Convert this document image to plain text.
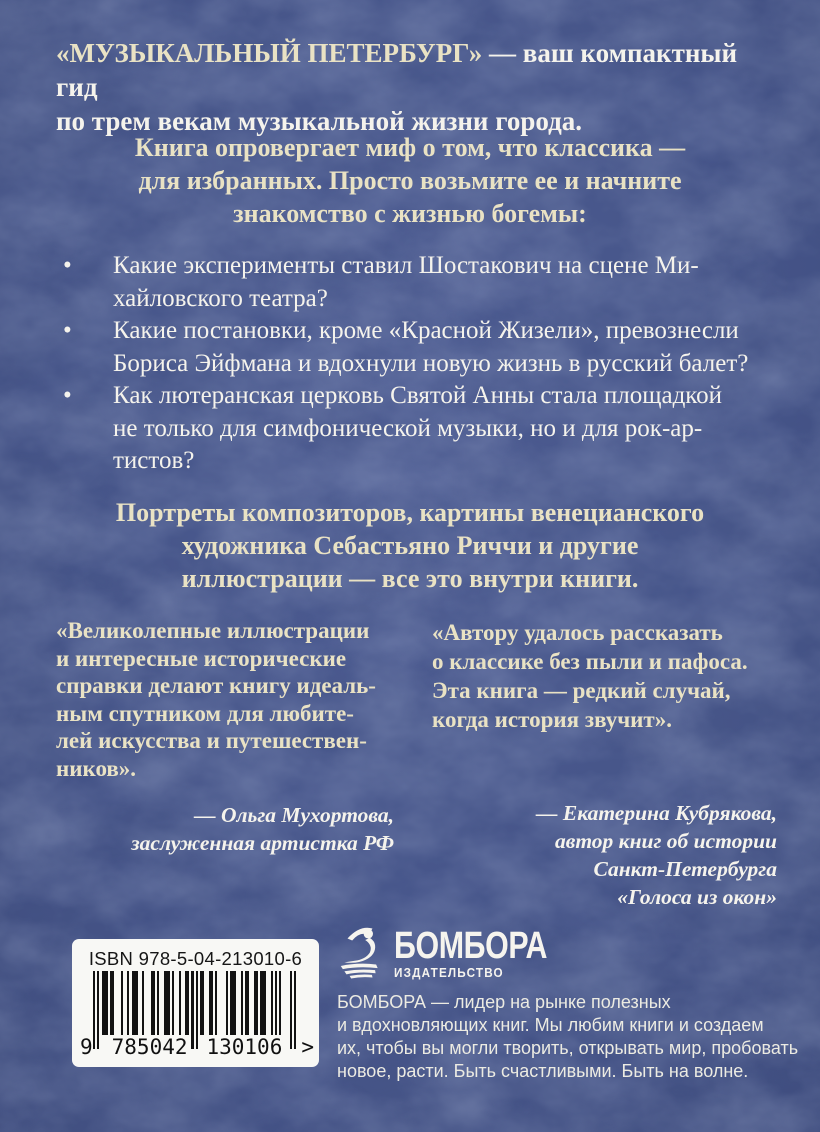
«МУЗЫКАЛЬНЫЙ ПЕТЕРБУРГ» — ваш компактный гид
по трем векам музыкальной жизни города.
Книга опровергает миф о том, что классика —
для избранных. Просто возьмите ее и начните
знакомство с жизнью богемы:
•	Какие эксперименты ставил Шостакович на сцене Ми-
хайловского театра?
•	Какие постановки, кроме «Красной Жизели», превознесли
Бориса Эйфмана и вдохнули новую жизнь в русский балет?
•	Как лютеранская церковь Святой Анны стала площадкой
не только для симфонической музыки, но и для рок-ар-
тистов?
Портреты композиторов, картины венецианского
художника Себастьяно Риччи и другие
иллюстрации — все это внутри книги.
«Великолепные иллюстрации
и интересные исторические
справки делают книгу идеаль-
ным спутником для любите-
лей искусства и путешествен-
ников».
«Автору удалось рассказать
о классике без пыли и пафоса.
Эта книга — редкий случай,
когда история звучит».
— Ольга Мухортова,
заслуженная артистка РФ
— Екатерина Кубрякова,
автор книг об истории
Санкт-Петербурга
«Голоса из окон»
ISBN 978-5-04-213010-6
9 785042 130106 >
БОМБОРА
ИЗДАТЕЛЬСТВО
БОМБОРА — лидер на рынке полезных
и вдохновляющих книг. Мы любим книги и создаем
их, чтобы вы могли творить, открывать мир, пробовать
новое, расти. Быть счастливыми. Быть на волне.
